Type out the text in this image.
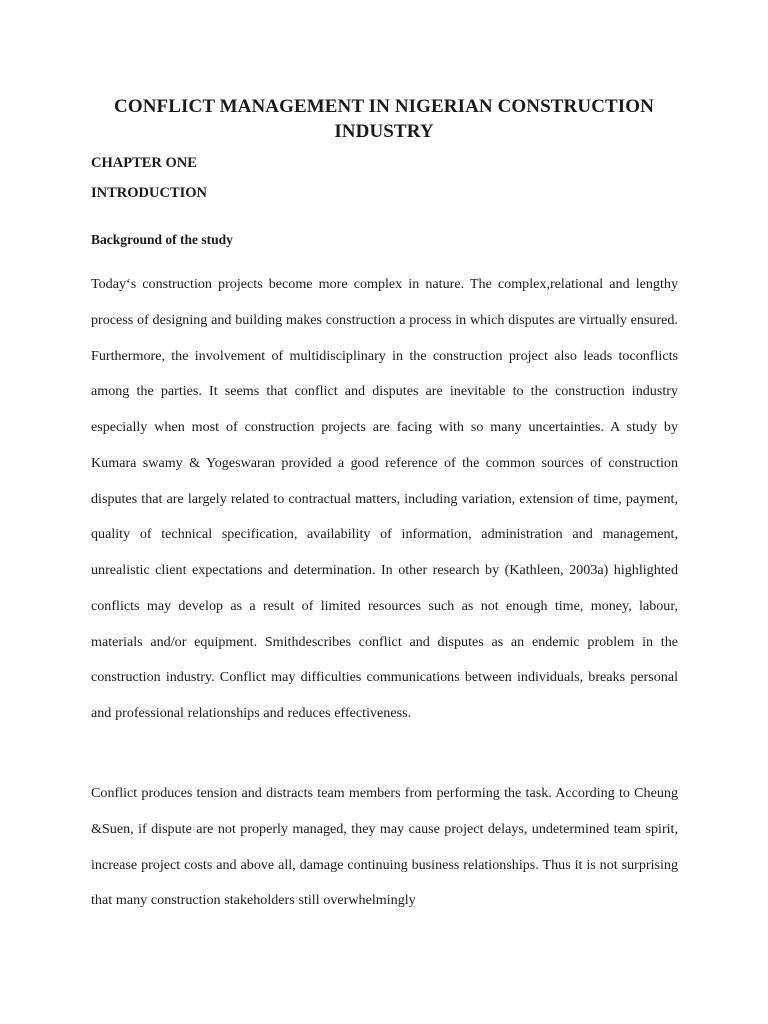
CONFLICT MANAGEMENT IN NIGERIAN CONSTRUCTION INDUSTRY
CHAPTER ONE
INTRODUCTION
Background of the study

Today‘s construction projects become more complex in nature. The complex,relational and lengthy process of designing and building makes construction a process in which disputes are virtually ensured. Furthermore, the involvement of multidisciplinary in the construction project also leads toconflicts among the parties. It seems that conflict and disputes are inevitable to the construction industry especially when most of construction projects are facing with so many uncertainties. A study by Kumara swamy & Yogeswaran provided a good reference of the common sources of construction disputes that are largely related to contractual matters, including variation, extension of time, payment, quality of technical specification, availability of information, administration and management, unrealistic client expectations and determination. In other research by (Kathleen, 2003a) highlighted conflicts may develop as a result of limited resources such as not enough time, money, labour, materials and/or equipment. Smithdescribes conflict and disputes as an endemic problem in the construction industry. Conflict may difficulties communications between individuals, breaks personal and professional relationships and reduces effectiveness.

Conflict produces tension and distracts team members from performing the task. According to Cheung &Suen, if dispute are not properly managed, they may cause project delays, undetermined team spirit, increase project costs and above all, damage continuing business relationships. Thus it is not surprising that many construction stakeholders still overwhelmingly
